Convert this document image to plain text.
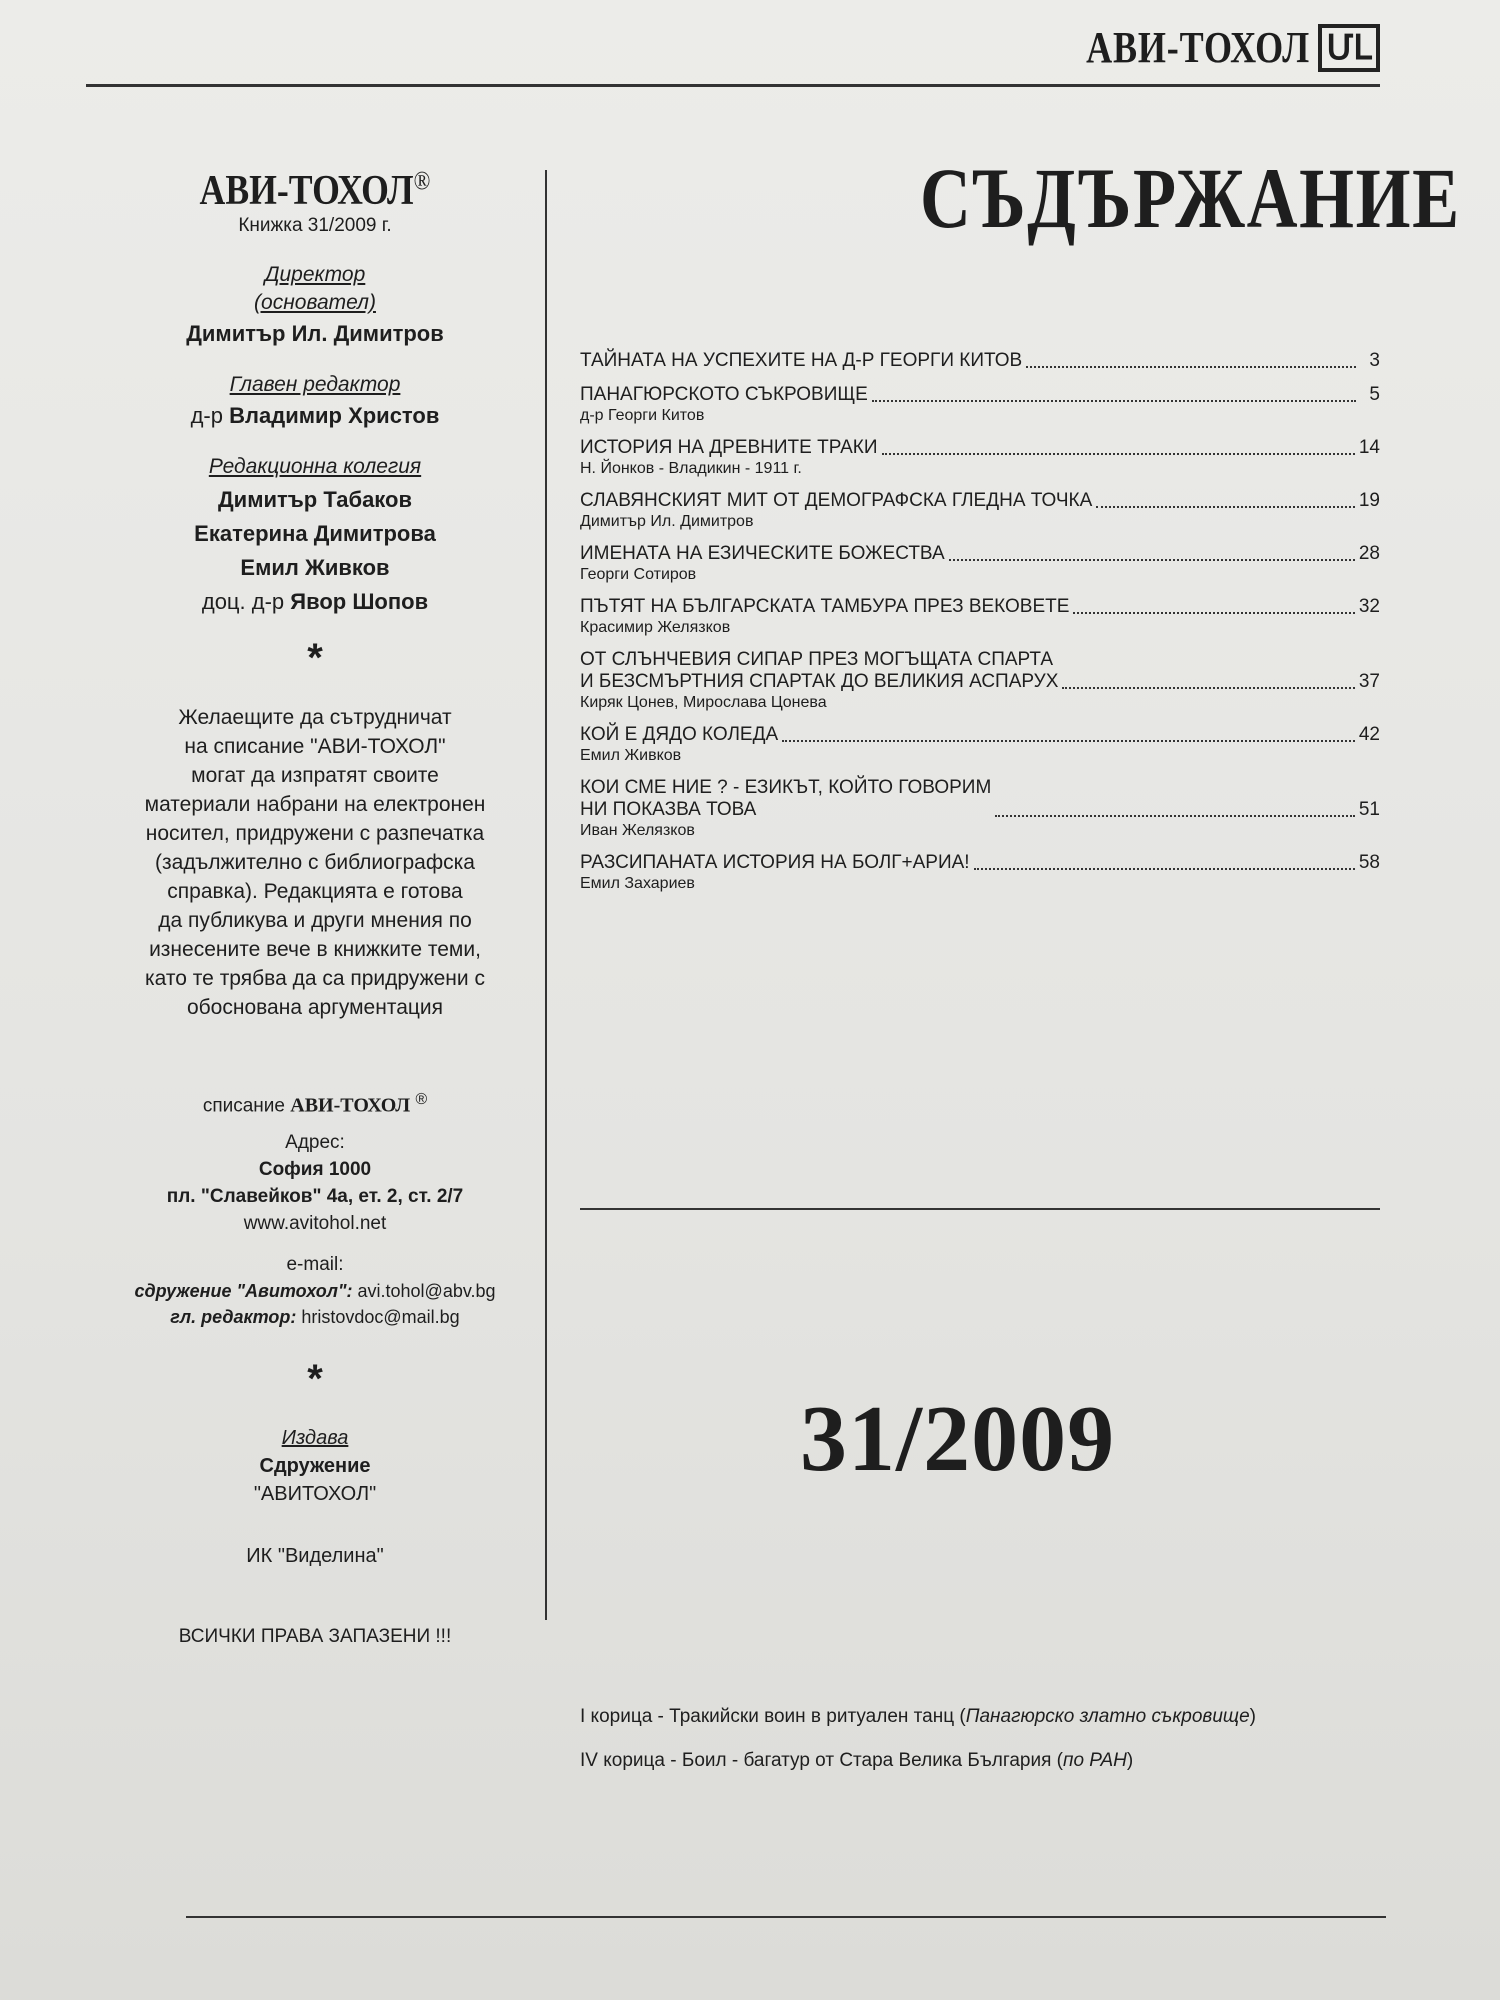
АВИ-ТОХОЛ ՄԼ
АВИ-ТОХОЛ®
Книжка 31/2009 г.
Директор
(основател)
Димитър Ил. Димитров
Главен редактор
д-р Владимир Христов
Редакционна колегия
Димитър Табаков
Екатерина Димитрова
Емил Живков
доц. д-р Явор Шопов
*
Желаещите да сътрудничат
на списание "АВИ-ТОХОЛ"
могат да изпратят своите
материали набрани на електронен
носител, придружени с разпечатка
(задължително с библиографска
справка). Редакцията е готова
да публикува и други мнения по
изнесените вече в книжките теми,
като те трябва да са придружени с
обоснована аргументация
списание АВИ-ТОХОЛ ®
Адрес:
София 1000
пл. "Славейков" 4а, ет. 2, ст. 2/7
www.avitohol.net
e-mail:
сдружение "Авитохол": avi.tohol@abv.bg
гл. редактор: hristovdoc@mail.bg
*
Издава
Сдружение
"АВИТОХОЛ"
ИК "Виделина"
ВСИЧКИ ПРАВА ЗАПАЗЕНИ !!!
СЪДЪРЖАНИЕ
ТАЙНАТА НА УСПЕХИТЕ НА Д-Р ГЕОРГИ КИТОВ	3
ПАНАГЮРСКОТО СЪКРОВИЩЕ	5
д-р Георги Китов
ИСТОРИЯ НА ДРЕВНИТЕ ТРАКИ	14
Н. Йонков - Владикин - 1911 г.
СЛАВЯНСКИЯТ МИТ ОТ ДЕМОГРАФСКА ГЛЕДНА ТОЧКА	19
Димитър Ил. Димитров
ИМЕНАТА НА ЕЗИЧЕСКИТЕ БОЖЕСТВА	28
Георги Сотиров
ПЪТЯТ НА БЪЛГАРСКАТА ТАМБУРА ПРЕЗ ВЕКОВЕТЕ	32
Красимир Желязков
ОТ СЛЪНЧЕВИЯ СИПАР ПРЕЗ МОГЪЩАТА СПАРТА
И БЕЗСМЪРТНИЯ СПАРТАК ДО ВЕЛИКИЯ АСПАРУХ	37
Киряк Цонев, Мирослава Цонева
КОЙ Е ДЯДО КОЛЕДА	42
Емил Живков
КОИ СМЕ НИЕ ? - ЕЗИКЪТ, КОЙТО ГОВОРИМ
НИ ПОКАЗВА ТОВА	51
Иван Желязков
РАЗСИПАНАТА ИСТОРИЯ НА БОЛГ+АРИА!	58
Емил Захариев
31/2009

I корица - Тракийски воин в ритуален танц (Панагюрско златно съкровище)

IV корица - Боил - багатур от Стара Велика България (по РАН)
